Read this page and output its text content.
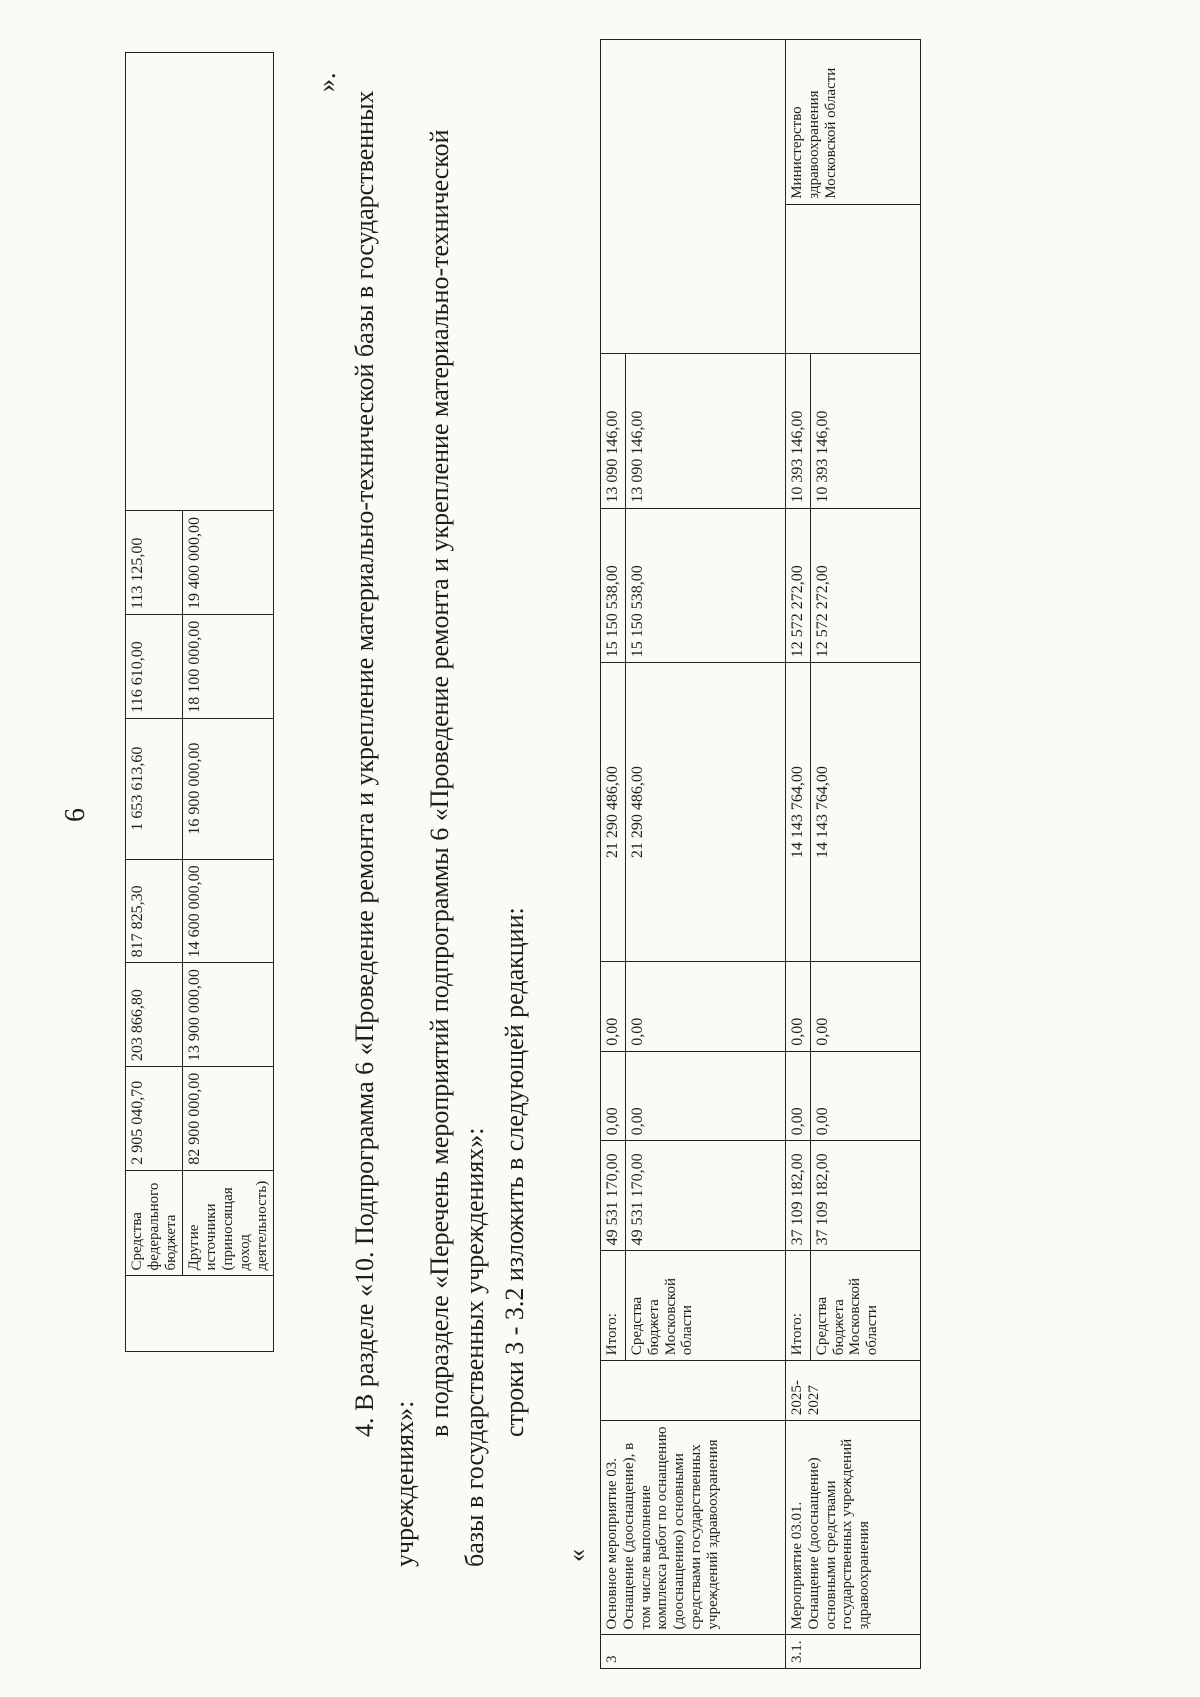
6
	Средства федерального бюджета	2 905 040,70	203 866,80	817 825,30	1 653 613,60	116 610,00	113 125,00	
	Другие источники (приносящая доход деятельность)	82 900 000,00	13 900 000,00	14 600 000,00	16 900 000,00	18 100 000,00	19 400 000,00	
».

4. В разделе «10. Подпрограмма 6 «Проведение ремонта и укрепление материально-технической базы в государственных

учреждениях»:

в подразделе «Перечень мероприятий подпрограммы 6 «Проведение ремонта и укрепление материально-технической базы в государственных учреждениях»: строки 3 - 3.2 изложить в следующей редакции:

«
3	Основное мероприятие 03. Оснащение (дооснащение), в том числе выполнение комплекса работ по оснащению (дооснащению) основными средствами государственных учреждений здравоохранения		Итого:	49 531 170,00	0,00	0,00	21 290 486,00	15 150 538,00	13 090 146,00		
			Средства бюджета Московской области	49 531 170,00	0,00	0,00	21 290 486,00	15 150 538,00	13 090 146,00		
3.1.	Мероприятие 03.01. Оснащение (дооснащение) основными средствами государственных учреждений здравоохранения	2025-2027	Итого:	37 109 182,00	0,00	0,00	14 143 764,00	12 572 272,00	10 393 146,00		Министерство здравоохранения Московской области
			Средства бюджета Московской области	37 109 182,00	0,00	0,00	14 143 764,00	12 572 272,00	10 393 146,00		
